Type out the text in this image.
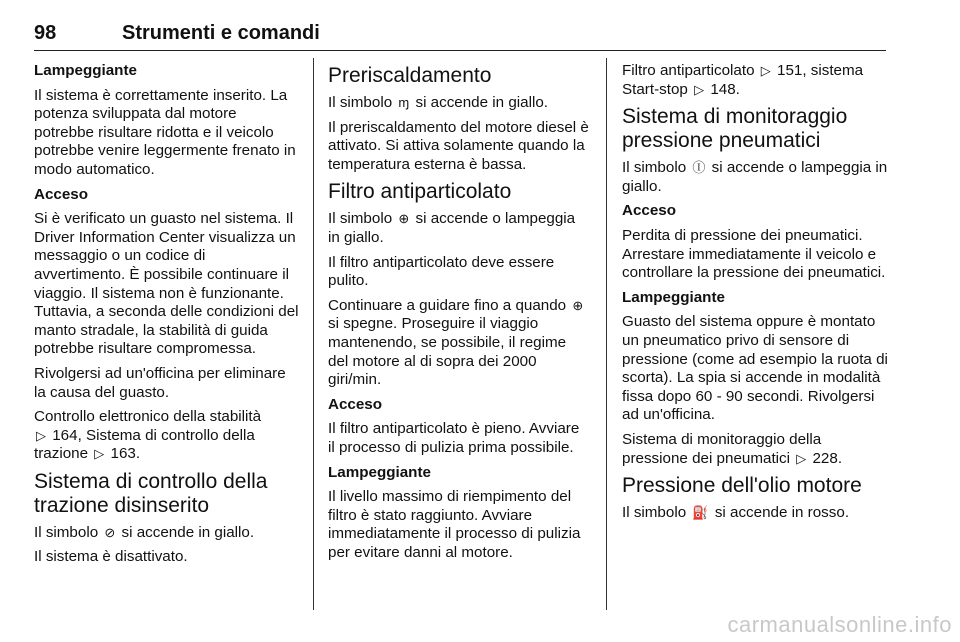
98	Strumenti e comandi
Lampeggiante

Il sistema è correttamente inserito. La potenza sviluppata dal motore potrebbe risultare ridotta e il veicolo potrebbe venire leggermente frenato in modo automatico.

Acceso

Si è verificato un guasto nel sistema. Il Driver Information Center visualizza un messaggio o un codice di avvertimento. È possibile continuare il viaggio. Il sistema non è funzionante. Tuttavia, a seconda delle condizioni del manto stradale, la stabilità di guida potrebbe risultare compromessa.

Rivolgersi ad un'officina per eliminare la causa del guasto.

Controllo elettronico della stabilità
▷ 164, Sistema di controllo della trazione ▷ 163.

Sistema di controllo della trazione disinserito

Il simbolo ⊘ si accende in giallo.

Il sistema è disattivato.

Preriscaldamento

Il simbolo ɱ si accende in giallo.

Il preriscaldamento del motore diesel è attivato. Si attiva solamente quando la temperatura esterna è bassa.

Filtro antiparticolato

Il simbolo ⊕ si accende o lampeggia in giallo.

Il filtro antiparticolato deve essere pulito.

Continuare a guidare fino a quando ⊕ si spegne. Proseguire il viaggio mantenendo, se possibile, il regime del motore al di sopra dei 2000 giri/min.

Acceso

Il filtro antiparticolato è pieno. Avviare il processo di pulizia prima possibile.

Lampeggiante

Il livello massimo di riempimento del filtro è stato raggiunto. Avviare immediatamente il processo di pulizia per evitare danni al motore.

Filtro antiparticolato ▷ 151, sistema Start-stop ▷ 148.

Sistema di monitoraggio pressione pneumatici

Il simbolo Ⓘ si accende o lampeggia in giallo.

Acceso

Perdita di pressione dei pneumatici. Arrestare immediatamente il veicolo e controllare la pressione dei pneumatici.

Lampeggiante

Guasto del sistema oppure è montato un pneumatico privo di sensore di pressione (come ad esempio la ruota di scorta). La spia si accende in modalità fissa dopo 60 - 90 secondi. Rivolgersi ad un'officina.

Sistema di monitoraggio della pressione dei pneumatici ▷ 228.

Pressione dell'olio motore

Il simbolo ⛽ si accende in rosso.

carmanualsonline.info
